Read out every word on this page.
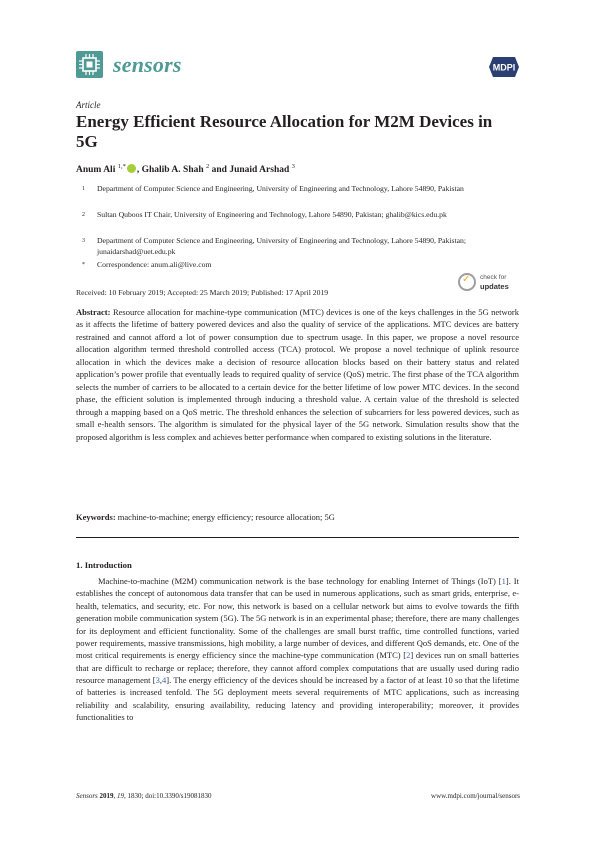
sensors	MDPI
Article
Energy Efficient Resource Allocation for M2M Devices in 5G
Anum Ali $^{1,*}$ , Ghalib A. Shah $^2$ and Junaid Arshad $^3$
1 Department of Computer Science and Engineering, University of Engineering and Technology, Lahore 54890, Pakistan
2 Sultan Quboos IT Chair, University of Engineering and Technology, Lahore 54890, Pakistan; ghalib@kics.edu.pk
3 Department of Computer Science and Engineering, University of Engineering and Technology, Lahore 54890, Pakistan; junaidarshad@uet.edu.pk
* Correspondence: anum.ali@live.com
✓ check for
updates
Received: 10 February 2019; Accepted: 25 March 2019; Published: 17 April 2019
Abstract: Resource allocation for machine-type communication (MTC) devices is one of the keys challenges in the 5G network as it affects the lifetime of battery powered devices and also the quality of service of the applications. MTC devices are battery restrained and cannot afford a lot of power consumption due to spectrum usage. In this paper, we propose a novel resource allocation algorithm termed threshold controlled access (TCA) protocol. We propose a novel technique of uplink resource allocation in which the devices make a decision of resource allocation blocks based on their battery status and related application’s power profile that eventually leads to required quality of service (QoS) metric. The first phase of the TCA algorithm selects the number of carriers to be allocated to a certain device for the better lifetime of low power MTC devices. In the second phase, the efficient solution is implemented through inducing a threshold value. A certain value of the threshold is selected through a mapping based on a QoS metric. The threshold enhances the selection of subcarriers for less powered devices, such as small e-health sensors. The algorithm is simulated for the physical layer of the 5G network. Simulation results show that the proposed algorithm is less complex and achieves better performance when compared to existing solutions in the literature.
Keywords: machine-to-machine; energy efficiency; resource allocation; 5G
1. Introduction
Machine-to-machine (M2M) communication network is the base technology for enabling Internet of Things (IoT) [1]. It establishes the concept of autonomous data transfer that can be used in numerous applications, such as smart grids, enterprise, e-health, telematics, and security, etc. For now, this network is based on a cellular network but aims to evolve towards the fifth generation mobile communication system (5G). The 5G network is in an experimental phase; therefore, there are many challenges for its deployment and efficient functionality. Some of the challenges are small burst traffic, time controlled functions, varied power requirements, massive transmissions, high mobility, a large number of devices, and different QoS demands, etc. One of the most critical requirements is energy efficiency since the machine-type communication (MTC) [2] devices run on small batteries that are difficult to recharge or replace; therefore, they cannot afford complex computations that are usually used during radio resource management [3,4]. The energy efficiency of the devices should be increased by a factor of at least 10 so that the lifetime of batteries is increased tenfold. The 5G deployment meets several requirements of MTC applications, such as increasing reliability and scalability, ensuring availability, reducing latency and providing interoperability; moreover, it provides functionalities to
Sensors 2019, 19, 1830; doi:10.3390/s19081830	www.mdpi.com/journal/sensors
